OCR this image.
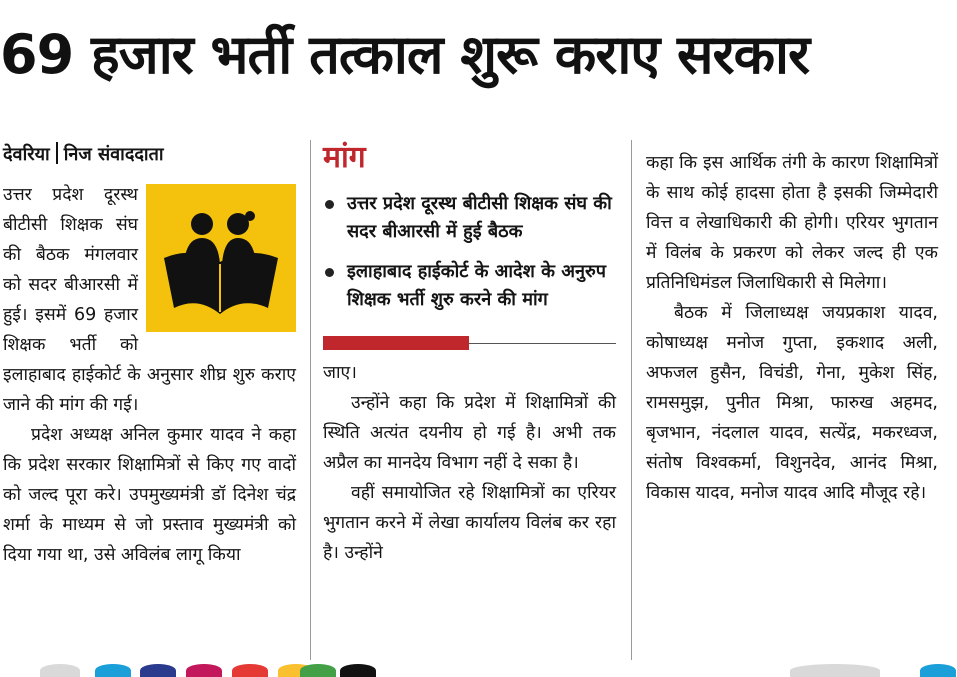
69 हजार भर्ती तत्काल शुरू कराए सरकार
देवरिया निज संवाददाता

उत्तर प्रदेश दूरस्थ बीटीसी शिक्षक संघ की बैठक मंगलवार को सदर बीआरसी में हुई। इसमें 69 हजार शिक्षक भर्ती को इलाहाबाद हाईकोर्ट के अनुसार शीघ्र शुरु कराए जाने की मांग की गई।

प्रदेश अध्यक्ष अनिल कुमार यादव ने कहा कि प्रदेश सरकार शिक्षामित्रों से किए गए वादों को जल्द पूरा करे। उपमुख्यमंत्री डॉ दिनेश चंद्र शर्मा के माध्यम से जो प्रस्ताव मुख्यमंत्री को दिया गया था, उसे अविलंब लागू किया

मांग
उत्तर प्रदेश दूरस्थ बीटीसी शिक्षक संघ की सदर बीआरसी में हुई बैठक
इलाहाबाद हाईकोर्ट के आदेश के अनुरुप शिक्षक भर्ती शुरु करने की मांग

जाए।

उन्होंने कहा कि प्रदेश में शिक्षामित्रों की स्थिति अत्यंत दयनीय हो गई है। अभी तक अप्रैल का मानदेय विभाग नहीं दे सका है।

वहीं समायोजित रहे शिक्षामित्रों का एरियर भुगतान करने में लेखा कार्यालय विलंब कर रहा है। उन्होंने

कहा कि इस आर्थिक तंगी के कारण शिक्षामित्रों के साथ कोई हादसा होता है इसकी जिम्मेदारी वित्त व लेखाधिकारी की होगी। एरियर भुगतान में विलंब के प्रकरण को लेकर जल्द ही एक प्रतिनिधिमंडल जिलाधिकारी से मिलेगा।

बैठक में जिलाध्यक्ष जयप्रकाश यादव, कोषाध्यक्ष मनोज गुप्ता, इकशाद अली, अफजल हुसैन, विचंडी, गेना, मुकेश सिंह, रामसमुझ, पुनीत मिश्रा, फारुख अहमद, बृजभान, नंदलाल यादव, सत्येंद्र, मकरध्वज, संतोष विश्वकर्मा, विशुनदेव, आनंद मिश्रा, विकास यादव, मनोज यादव आदि मौजूद रहे।
